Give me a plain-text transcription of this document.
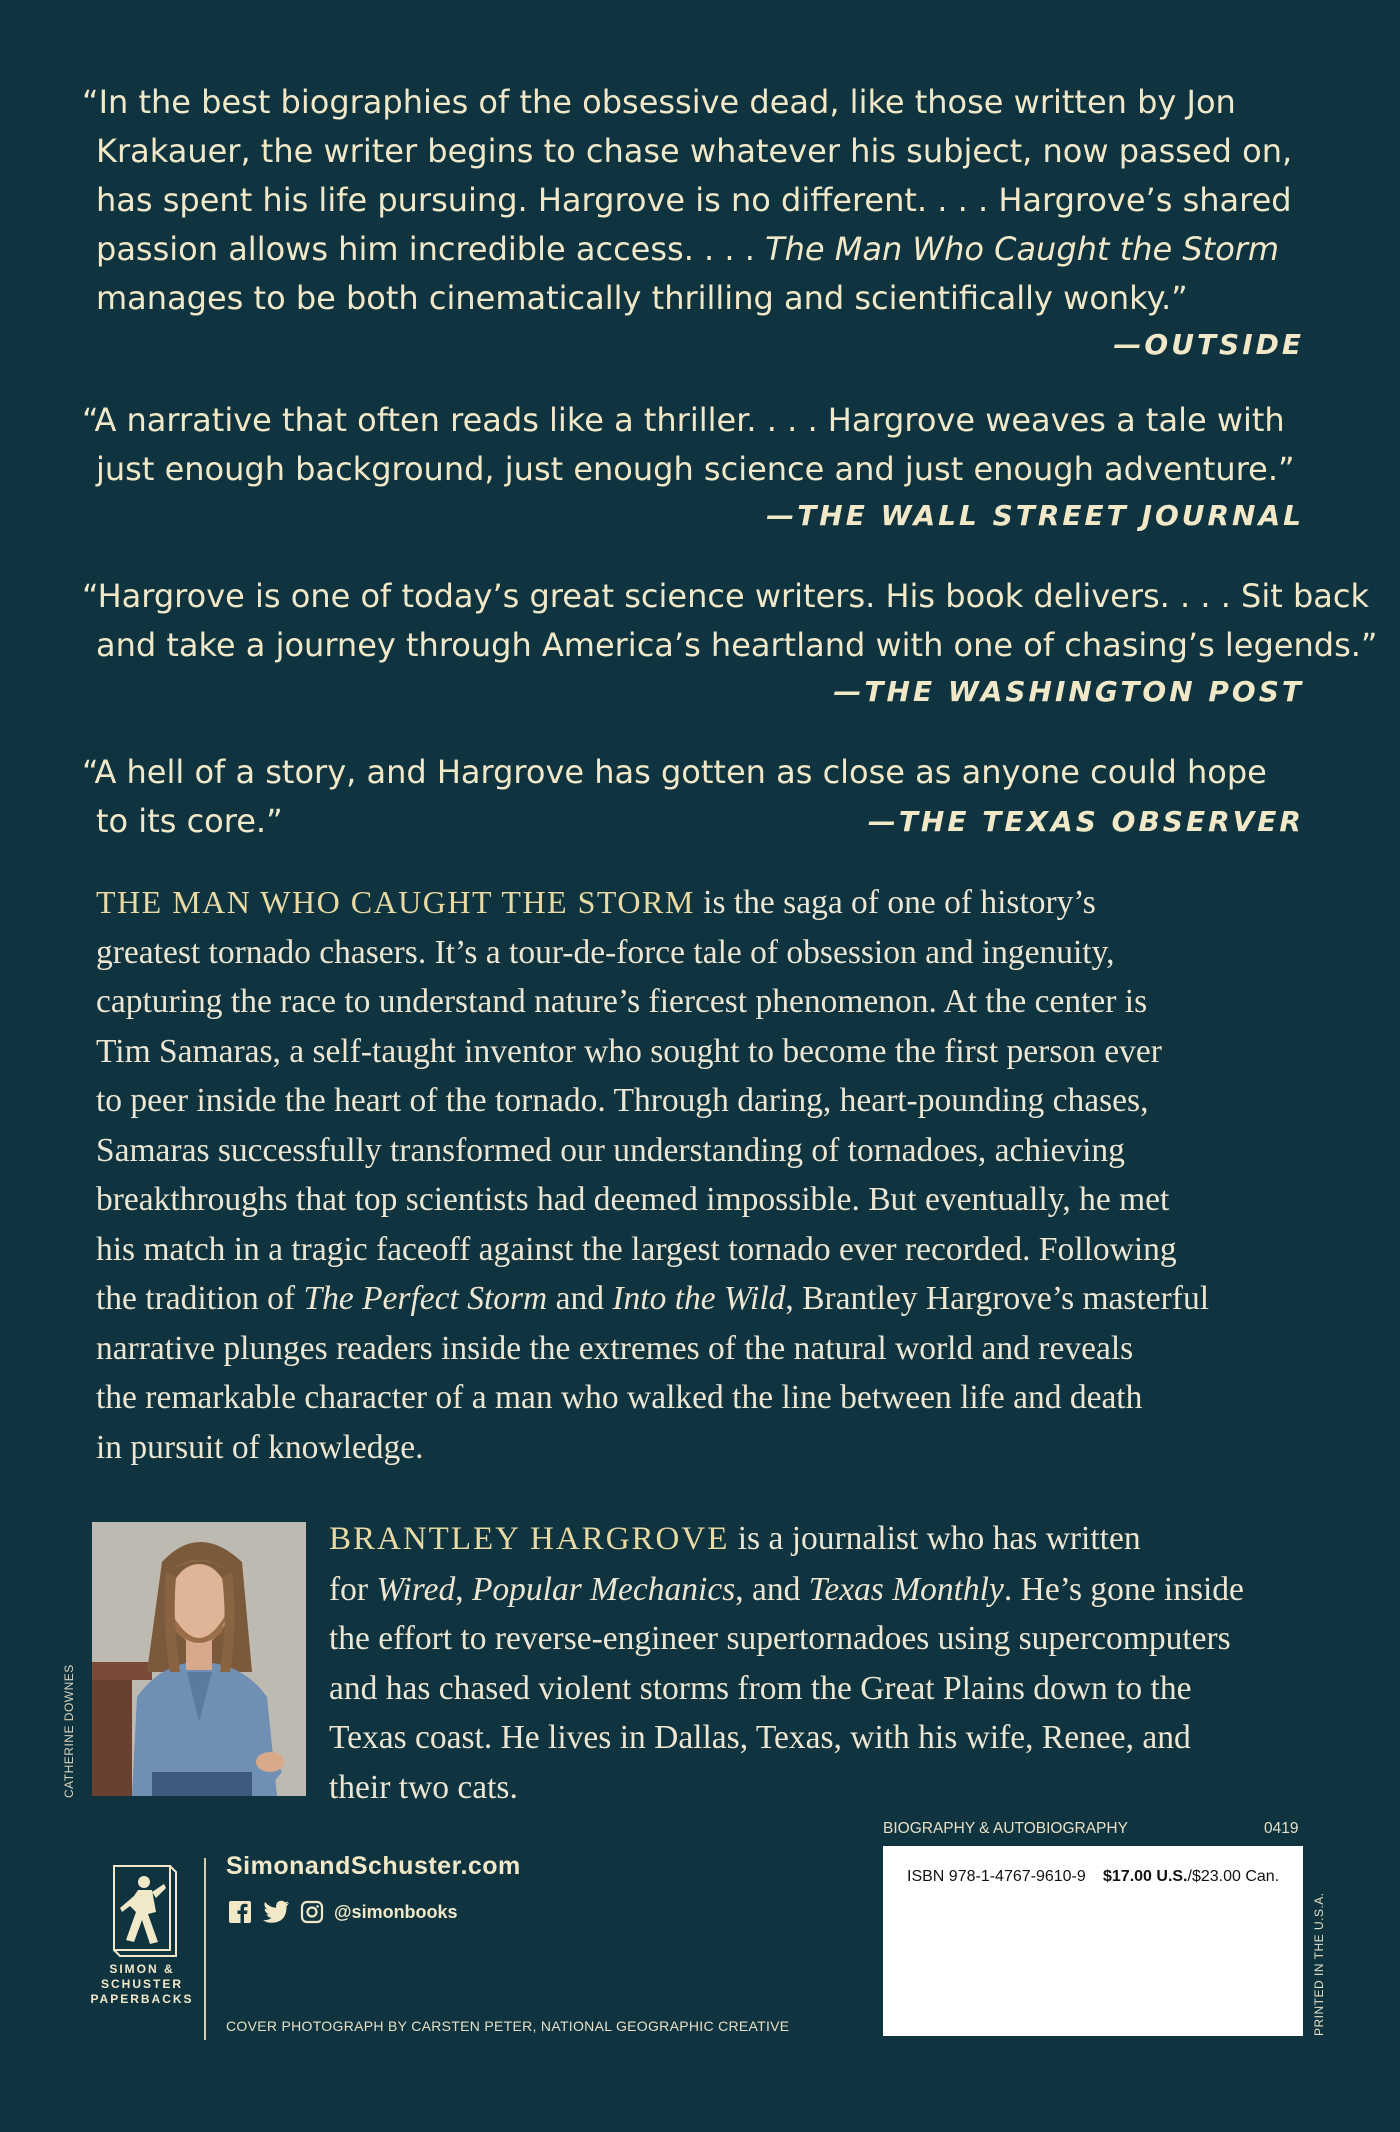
“In the best biographies of the obsessive dead, like those written by Jon
Krakauer, the writer begins to chase whatever his subject, now passed on,
has spent his life pursuing. Hargrove is no different. . . . Hargrove’s shared
passion allows him incredible access. . . . The Man Who Caught the Storm
manages to be both cinematically thrilling and scientifically wonky.”
—OUTSIDE
“A narrative that often reads like a thriller. . . . Hargrove weaves a tale with
just enough background, just enough science and just enough adventure.”
—THE WALL STREET JOURNAL
“Hargrove is one of today’s great science writers. His book delivers. . . . Sit back
and take a journey through America’s heartland with one of chasing’s legends.”
—THE WASHINGTON POST
“A hell of a story, and Hargrove has gotten as close as anyone could hope
to its core.”	—THE TEXAS OBSERVER
THE MAN WHO CAUGHT THE STORM is the saga of one of history’s
greatest tornado chasers. It’s a tour-de-force tale of obsession and ingenuity,
capturing the race to understand nature’s fiercest phenomenon. At the center is
Tim Samaras, a self-taught inventor who sought to become the first person ever
to peer inside the heart of the tornado. Through daring, heart-pounding chases,
Samaras successfully transformed our understanding of tornadoes, achieving
breakthroughs that top scientists had deemed impossible. But eventually, he met
his match in a tragic faceoff against the largest tornado ever recorded. Following
the tradition of The Perfect Storm and Into the Wild, Brantley Hargrove’s masterful
narrative plunges readers inside the extremes of the natural world and reveals
the remarkable character of a man who walked the line between life and death
in pursuit of knowledge.
CATHERINE DOWNES
BRANTLEY HARGROVE is a journalist who has written
for Wired, Popular Mechanics, and Texas Monthly. He’s gone inside
the effort to reverse-engineer supertornadoes using supercomputers
and has chased violent storms from the Great Plains down to the
Texas coast. He lives in Dallas, Texas, with his wife, Renee, and
their two cats.
SIMON &
SCHUSTER
PAPERBACKS
SimonandSchuster.com
@simonbooks
COVER PHOTOGRAPH BY CARSTEN PETER, NATIONAL GEOGRAPHIC CREATIVE
BIOGRAPHY & AUTOBIOGRAPHY	0419
ISBN 978-1-4767-9610-9 $17.00 U.S./$23.00 Can.
PRINTED IN THE U.S.A.
